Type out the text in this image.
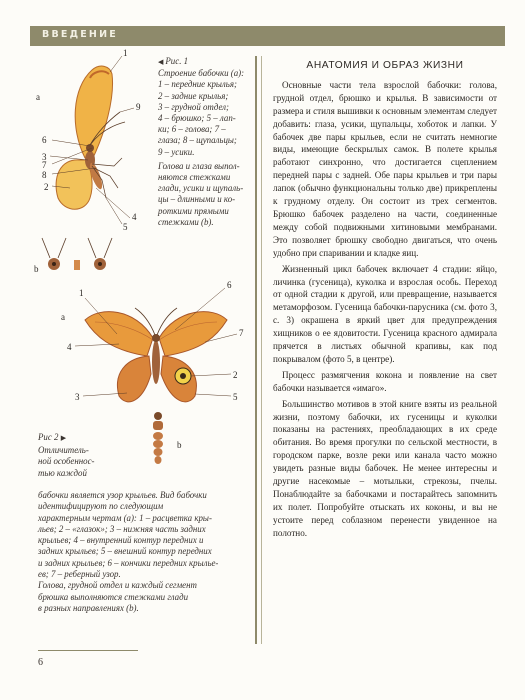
ВВЕДЕНИЕ
1
2
3
4
5
6
7
8
9
а
b

◀ Рис. 1

Строение бабочки (а):

1 – передние крылья;

2 – задние крылья;

3 – грудной отдел;

4 – брюшко; 5 – лап-

ки; 6 – голова; 7 –

глаза; 8 – щупальцы;

9 – усики.

Голова и глаза выпол-

няются стежками

глади, усики и щупаль-

цы – длинными и ко-

роткими прямыми

стежками (b).

1
6
2
3
4
5
7
а
b
Рис 2 ▶
Отличитель-
ной особеннос-
тью каждой

бабочки является узор крыльев. Вид бабочки

идентифицируют по следующим

характерным чертам (а): 1 – расцветка кры-

льев; 2 – «глазок»; 3 – нижняя часть задних

крыльев; 4 – внутренний контур передних и

задних крыльев; 5 – внешний контур передних

и задних крыльев; 6 – кончики передних крылье-

ев; 7 – реберный узор.

Голова, грудной отдел и каждый сегмент

брюшка выполняются стежками глади

в разных направлениях (b).

АНАТОМИЯ И ОБРАЗ ЖИЗНИ

Основные части тела взрослой бабочки: голова, грудной отдел, брюшко и крылья. В зависимости от размера и стиля вышивки к основным элементам следует добавить: глаза, усики, щупальцы, хоботок и лапки. У бабочек две пары крыльев, если не считать немногие виды, имеющие бескрылых самок. В полете крылья работают синхронно, что достигается сцеплением передней пары с задней. Обе пары крыльев и три пары лапок (обычно функциональны только две) прикреплены к грудному отделу. Он состоит из трех сегментов. Брюшко бабочек разделено на части, соединенные между собой подвижными хитиновыми мембранами. Это позволяет брюшку свободно двигаться, что очень удобно при спаривании и кладке яиц.

Жизненный цикл бабочек включает 4 стадии: яйцо, личинка (гусеница), куколка и взрослая особь. Переход от одной стадии к другой, или превращение, называется метаморфозом. Гусеница бабочки-парусника (см. фото 3, с. 3) окрашена в яркий цвет для предупреждения хищников о ее ядовитости. Гусеница красного адмирала прячется в листьях обычной крапивы, как под покрывалом (фото 5, в центре).

Процесс размягчения кокона и появление на свет бабочки называется «имаго».

Большинство мотивов в этой книге взяты из реальной жизни, поэтому бабочки, их гусеницы и куколки показаны на растениях, преобладающих в их среде обитания. Во время прогулки по сельской местности, в городском парке, возле реки или канала часто можно увидеть разные виды бабочек. Не менее интересны и другие насекомые – мотыльки, стрекозы, пчелы. Понаблюдайте за бабочками и постарайтесь запомнить их полет. Попробуйте отыскать их коконы, и вы не устоите перед соблазном перенести увиденное на полотно.

6
